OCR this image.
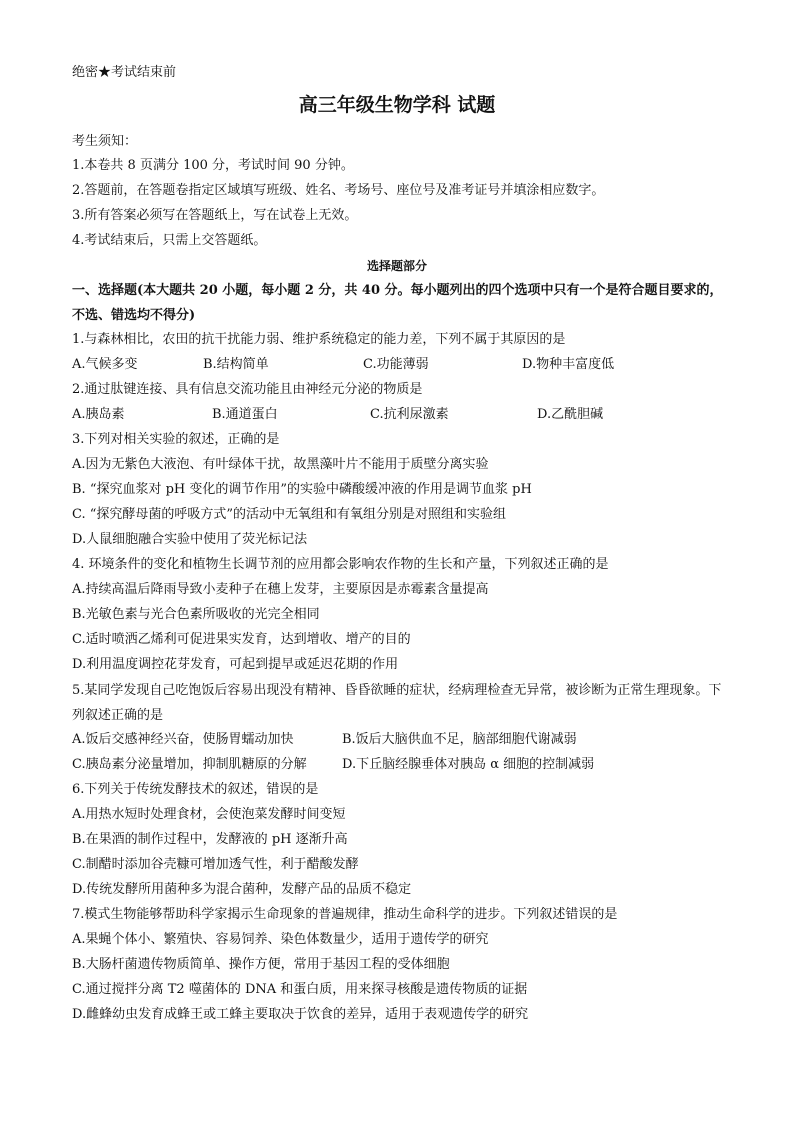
绝密★考试结束前
高三年级生物学科 试题
考生须知：
1.本卷共 8 页满分 100 分，考试时间 90 分钟。
2.答题前，在答题卷指定区域填写班级、姓名、考场号、座位号及准考证号并填涂相应数字。
3.所有答案必须写在答题纸上，写在试卷上无效。
4.考试结束后，只需上交答题纸。
选择题部分
一、选择题(本大题共 20 小题，每小题 2 分，共 40 分。每小题列出的四个选项中只有一个是符合题目要求的，不选、错选均不得分)
1.与森林相比，农田的抗干扰能力弱、维护系统稳定的能力差，下列不属于其原因的是
A.气候多变	B.结构简单	C.功能薄弱	D.物种丰富度低
2.通过肽键连接、具有信息交流功能且由神经元分泌的物质是
A.胰岛素	B.通道蛋白	C.抗利尿激素	D.乙酰胆碱
3.下列对相关实验的叙述，正确的是
A.因为无紫色大液泡、有叶绿体干扰，故黑藻叶片不能用于质壁分离实验
B. “探究血浆对 pH 变化的调节作用”的实验中磷酸缓冲液的作用是调节血浆 pH
C. “探究酵母菌的呼吸方式”的活动中无氧组和有氧组分别是对照组和实验组
D.人鼠细胞融合实验中使用了荧光标记法
4. 环境条件的变化和植物生长调节剂的应用都会影响农作物的生长和产量，下列叙述正确的是
A.持续高温后降雨导致小麦种子在穗上发芽，主要原因是赤霉素含量提高
B.光敏色素与光合色素所吸收的光完全相同
C.适时喷洒乙烯利可促进果实发育，达到增收、增产的目的
D.利用温度调控花芽发育，可起到提早或延迟花期的作用
5.某同学发现自己吃饱饭后容易出现没有精神、昏昏欲睡的症状，经病理检查无异常，被诊断为正常生理现象。下列叙述正确的是
A.饭后交感神经兴奋，使肠胃蠕动加快	B.饭后大脑供血不足，脑部细胞代谢减弱
C.胰岛素分泌量增加，抑制肌糖原的分解	D.下丘脑经腺垂体对胰岛 α 细胞的控制减弱
6.下列关于传统发酵技术的叙述，错误的是
A.用热水短时处理食材，会使泡菜发酵时间变短
B.在果酒的制作过程中，发酵液的 pH 逐渐升高
C.制醋时添加谷壳糠可增加透气性，利于醋酸发酵
D.传统发酵所用菌种多为混合菌种，发酵产品的品质不稳定
7.模式生物能够帮助科学家揭示生命现象的普遍规律，推动生命科学的进步。下列叙述错误的是
A.果蝇个体小、繁殖快、容易饲养、染色体数量少，适用于遗传学的研究
B.大肠杆菌遗传物质简单、操作方便，常用于基因工程的受体细胞
C.通过搅拌分离 T2 噬菌体的 DNA 和蛋白质，用来探寻核酸是遗传物质的证据
D.雌蜂幼虫发育成蜂王或工蜂主要取决于饮食的差异，适用于表观遗传学的研究
